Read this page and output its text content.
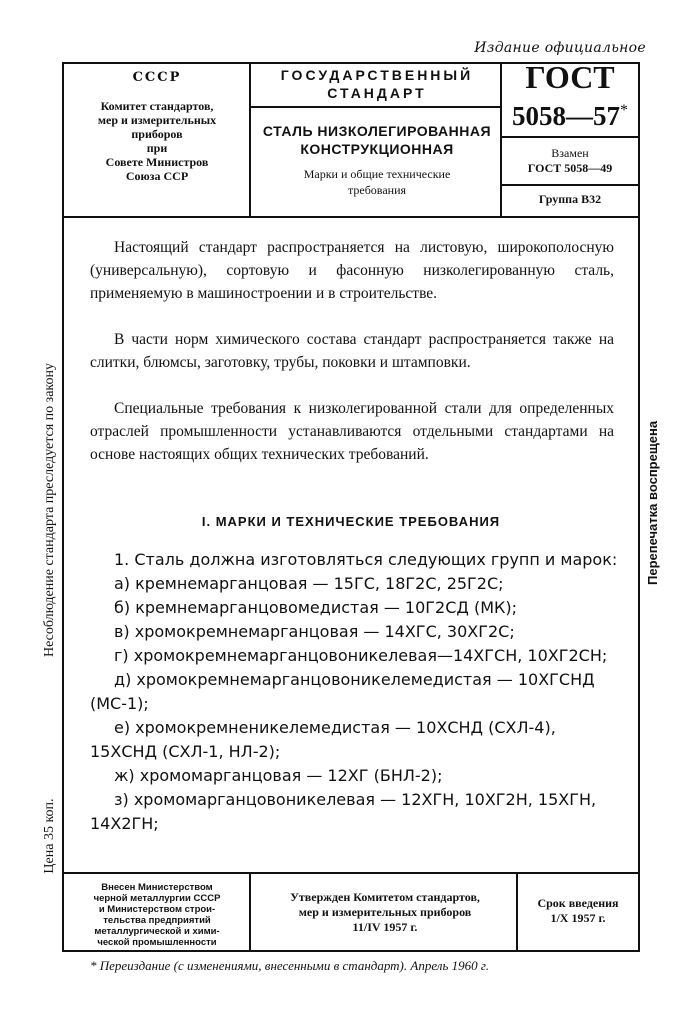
Издание официальное
СССР
Комитет стандартов,
мер и измерительных
приборов
при
Совете Министров
Союза ССР
ГОСУДАРСТВЕННЫЙ
СТАНДАРТ
СТАЛЬ НИЗКОЛЕГИРОВАННАЯ
КОНСТРУКЦИОННАЯ
Марки и общие технические
требования
ГОСТ
5058—57*
Взамен
ГОСТ 5058—49
Группа В32
Настоящий стандарт распространяется на листовую, широкополосную (универсальную), сортовую и фасонную низколегированную сталь, применяемую в машиностроении и в строительстве.
В части норм химического состава стандарт распространяется также на слитки, блюмсы, заготовку, трубы, поковки и штамповки.
Специальные требования к низколегированной стали для определенных отраслей промышленности устанавливаются отдельными стандартами на основе настоящих общих технических требований.
I. МАРКИ И ТЕХНИЧЕСКИЕ ТРЕБОВАНИЯ
1. Сталь должна изготовляться следующих групп и марок:
а) кремнемарганцовая — 15ГС, 18Г2С, 25Г2С;
б) кремнемарганцовомедистая — 10Г2СД (МК);
в) хромокремнемарганцовая — 14ХГС, 30ХГ2С;
г) хромокремнемарганцовоникелевая—14ХГСН, 10ХГ2СН;
д) хромокремнемарганцовоникелемедистая — 10ХГСНД
(МС-1);
е) хромокремненикелемедистая — 10ХСНД (СХЛ-4),
15ХСНД (СХЛ-1, НЛ-2);
ж) хромомарганцовая — 12ХГ (БНЛ-2);
з) хромомарганцовоникелевая — 12ХГН, 10ХГ2Н, 15ХГН,
14Х2ГН;
Несоблюдение стандарта преследуется по закону
Цена 35 коп.
Перепечатка воспрещена
Внесен Министерством
черной металлургии СССР
и Министерством строи-
тельства предприятий
металлургической и хими-
ческой промышленности
Утвержден Комитетом стандартов,
мер и измерительных приборов
11/IV 1957 г.
Срок введения
1/X 1957 г.
* Переиздание (с изменениями, внесенными в стандарт). Апрель 1960 г.
